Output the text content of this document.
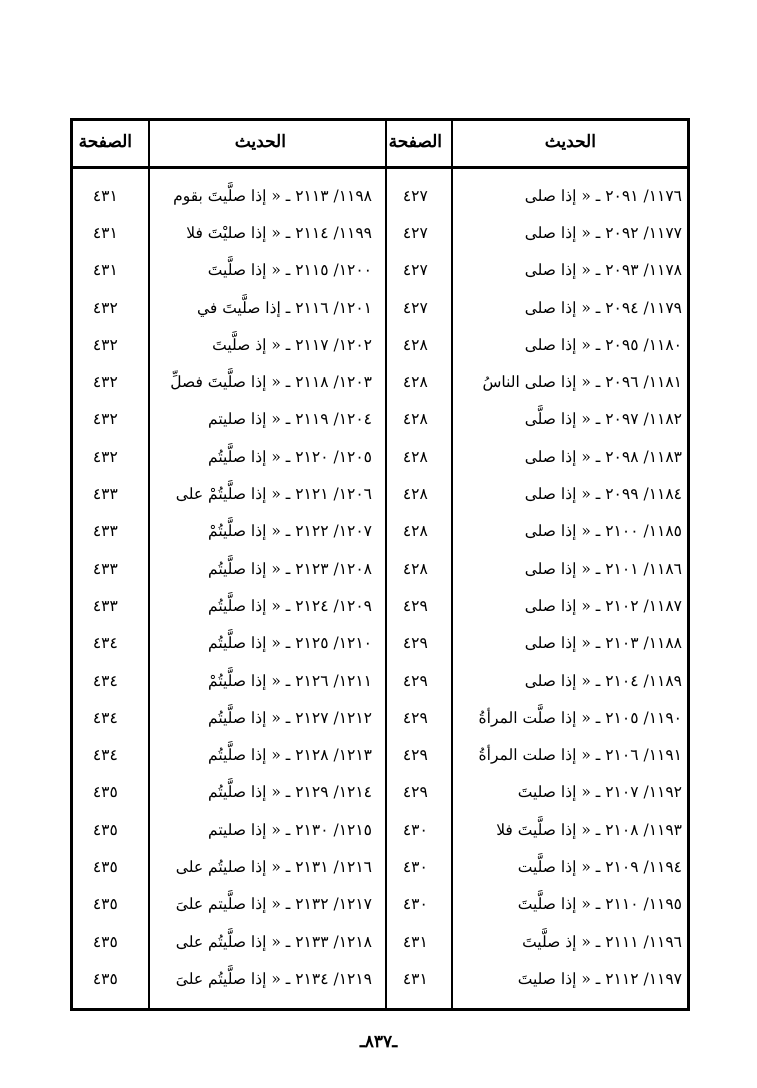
الحديث	الصفحة	الحديث	الصفحة
١١٧٦/ ٢٠٩١ ـ « إذا صلى	٤٢٧	١١٩٨/ ٢١١٣ ـ « إذا صلَّيتَ بقوم	٤٣١
١١٧٧/ ٢٠٩٢ ـ « إذا صلى	٤٢٧	١١٩٩/ ٢١١٤ ـ « إذا صليْتَ فلا	٤٣١
١١٧٨/ ٢٠٩٣ ـ « إذا صلى	٤٢٧	١٢٠٠/ ٢١١٥ ـ « إذا صلَّيتَ	٤٣١
١١٧٩/ ٢٠٩٤ ـ « إذا صلى	٤٢٧	١٢٠١/ ٢١١٦ ـ إذا صلَّيتَ في	٤٣٢
١١٨٠/ ٢٠٩٥ ـ « إذا صلى	٤٢٨	١٢٠٢/ ٢١١٧ ـ « إذ صلَّيتَ	٤٣٢
١١٨١/ ٢٠٩٦ ـ « إذا صلى الناسُ	٤٢٨	١٢٠٣/ ٢١١٨ ـ « إذا صلَّيتَ فصلِّ	٤٣٢
١١٨٢/ ٢٠٩٧ ـ « إذا صلَّى	٤٢٨	١٢٠٤/ ٢١١٩ ـ « إذا صليتم	٤٣٢
١١٨٣/ ٢٠٩٨ ـ « إذا صلى	٤٢٨	١٢٠٥/ ٢١٢٠ ـ « إذا صلَّيتُم	٤٣٢
١١٨٤/ ٢٠٩٩ ـ « إذا صلى	٤٢٨	١٢٠٦/ ٢١٢١ ـ « إذا صلَّيتُمْ على	٤٣٣
١١٨٥/ ٢١٠٠ ـ « إذا صلى	٤٢٨	١٢٠٧/ ٢١٢٢ ـ « إذا صلَّيتُمْ	٤٣٣
١١٨٦/ ٢١٠١ ـ « إذا صلى	٤٢٨	١٢٠٨/ ٢١٢٣ ـ « إذا صلَّيتُم	٤٣٣
١١٨٧/ ٢١٠٢ ـ « إذا صلى	٤٢٩	١٢٠٩/ ٢١٢٤ ـ « إذا صلَّيتُم	٤٣٣
١١٨٨/ ٢١٠٣ ـ « إذا صلى	٤٢٩	١٢١٠/ ٢١٢٥ ـ « إذا صلَّيتُم	٤٣٤
١١٨٩/ ٢١٠٤ ـ « إذا صلى	٤٢٩	١٢١١/ ٢١٢٦ ـ « إذا صلَّيتُمْ	٤٣٤
١١٩٠/ ٢١٠٥ ـ « إذا صلَّت المرأةُ	٤٢٩	١٢١٢/ ٢١٢٧ ـ « إذا صلَّيتُم	٤٣٤
١١٩١/ ٢١٠٦ ـ « إذا صلت المرأةُ	٤٢٩	١٢١٣/ ٢١٢٨ ـ « إذا صلَّيتُم	٤٣٤
١١٩٢/ ٢١٠٧ ـ « إذا صليتَ	٤٢٩	١٢١٤/ ٢١٢٩ ـ « إذا صلَّيتُم	٤٣٥
١١٩٣/ ٢١٠٨ ـ « إذا صلَّيتَ فلا	٤٣٠	١٢١٥/ ٢١٣٠ ـ « إذا صليتم	٤٣٥
١١٩٤/ ٢١٠٩ ـ « إذا صلَّيت	٤٣٠	١٢١٦/ ٢١٣١ ـ « إذا صليتُم على	٤٣٥
١١٩٥/ ٢١١٠ ـ « إذا صلَّيتَ	٤٣٠	١٢١٧/ ٢١٣٢ ـ « إذا صلَّيتم علىَ	٤٣٥
١١٩٦/ ٢١١١ ـ « إذ صلَّيتَ	٤٣١	١٢١٨/ ٢١٣٣ ـ « إذا صلَّيتُم على	٤٣٥
١١٩٧/ ٢١١٢ ـ « إذا صليتَ	٤٣١	١٢١٩/ ٢١٣٤ ـ « إذا صلَّيتُم علىَ	٤٣٥
ـ٨٣٧ـ
